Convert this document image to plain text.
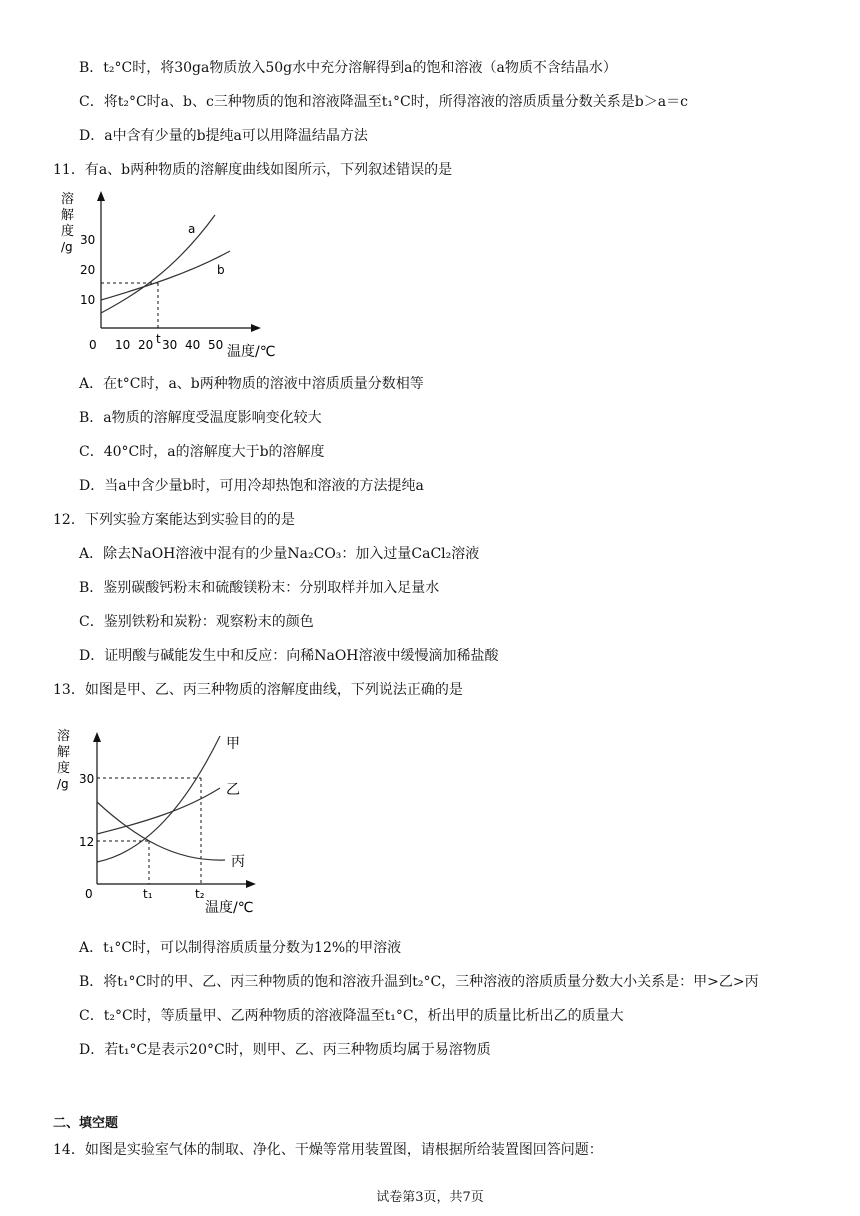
B．t₂°C时，将30ga物质放入50g水中充分溶解得到a的饱和溶液（a物质不含结晶水）
C．将t₂°C时a、b、c三种物质的饱和溶液降温至t₁°C时，所得溶液的溶质质量分数关系是b＞a＝c
D．a中含有少量的b提纯a可以用降温结晶方法
11．有a、b两种物质的溶解度曲线如图所示，下列叙述错误的是
溶
解
度
/g 30
20
10
0 10 20 t 30 40 50
a
b
温度/℃
A．在t°C时，a、b两种物质的溶液中溶质质量分数相等
B．a物质的溶解度受温度影响变化较大
C．40°C时，a的溶解度大于b的溶解度
D．当a中含少量b时，可用冷却热饱和溶液的方法提纯a
12．下列实验方案能达到实验目的的是
A．除去NaOH溶液中混有的少量Na₂CO₃：加入过量CaCl₂溶液
B．鉴别碳酸钙粉末和硫酸镁粉末：分别取样并加入足量水
C．鉴别铁粉和炭粉：观察粉末的颜色
D．证明酸与碱能发生中和反应：向稀NaOH溶液中缓慢滴加稀盐酸
13．如图是甲、乙、丙三种物质的溶解度曲线，下列说法正确的是
溶
解
度
/g
0
30
12
甲
乙
丙
t₁	t₂
温度/℃
A．t₁°C时，可以制得溶质质量分数为12%的甲溶液
B．将t₁°C时的甲、乙、丙三种物质的饱和溶液升温到t₂°C，三种溶液的溶质质量分数大小关系是：甲>乙>丙
C．t₂°C时，等质量甲、乙两种物质的溶液降温至t₁°C，析出甲的质量比析出乙的质量大
D．若t₁°C是表示20°C时，则甲、乙、丙三种物质均属于易溶物质
二、填空题
14．如图是实验室气体的制取、净化、干燥等常用装置图，请根据所给装置图回答问题：
试卷第3页，共7页
